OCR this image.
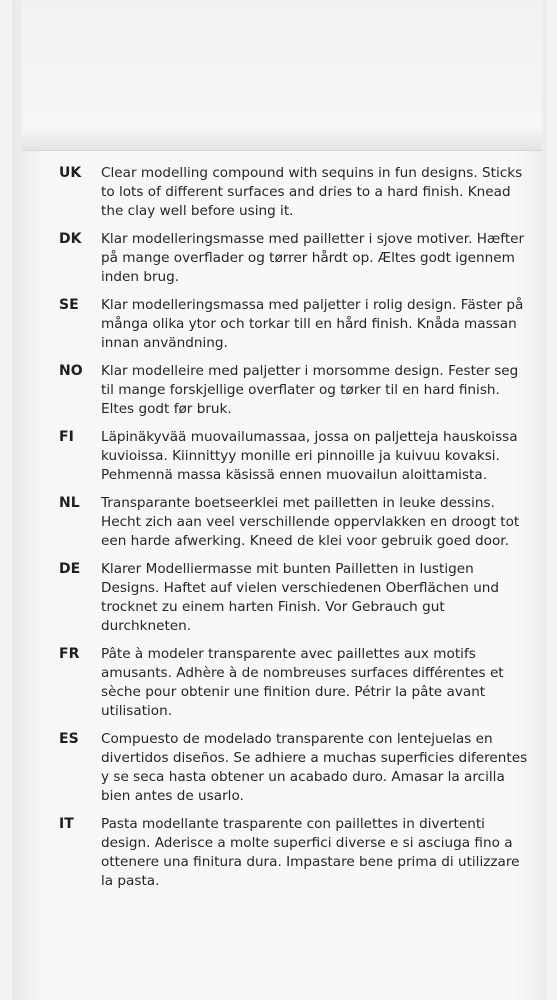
UK	Clear modelling compound with sequins in fun designs. Sticks to lots of different surfaces and dries to a hard finish. Knead the clay well before using it.
DK	Klar modelleringsmasse med pailletter i sjove motiver. Hæfter på mange overflader og tørrer hårdt op. Æltes godt igennem inden brug.
SE	Klar modelleringsmassa med paljetter i rolig design. Fäster på många olika ytor och torkar till en hård finish. Knåda massan innan användning.
NO	Klar modelleire med paljetter i morsomme design. Fester seg til mange forskjellige overflater og tørker til en hard finish. Eltes godt før bruk.
FI	Läpinäkyvää muovailumassaa, jossa on paljetteja hauskoissa kuvioissa. Kiinnittyy monille eri pinnoille ja kuivuu kovaksi. Pehmennä massa käsissä ennen muovailun aloittamista.
NL	Transparante boetseerklei met pailletten in leuke dessins. Hecht zich aan veel verschillende oppervlakken en droogt tot een harde afwerking. Kneed de klei voor gebruik goed door.
DE	Klarer Modelliermasse mit bunten Pailletten in lustigen Designs. Haftet auf vielen verschiedenen Oberflächen und trocknet zu einem harten Finish. Vor Gebrauch gut durchkneten.
FR	Pâte à modeler transparente avec paillettes aux motifs amusants. Adhère à de nombreuses surfaces différentes et sèche pour obtenir une finition dure. Pétrir la pâte avant utilisation.
ES	Compuesto de modelado transparente con lentejuelas en divertidos diseños. Se adhiere a muchas superficies diferentes y se seca hasta obtener un acabado duro. Amasar la arcilla bien antes de usarlo.
IT	Pasta modellante trasparente con paillettes in divertenti design. Aderisce a molte superfici diverse e si asciuga fino a ottenere una finitura dura. Impastare bene prima di utilizzare la pasta.
